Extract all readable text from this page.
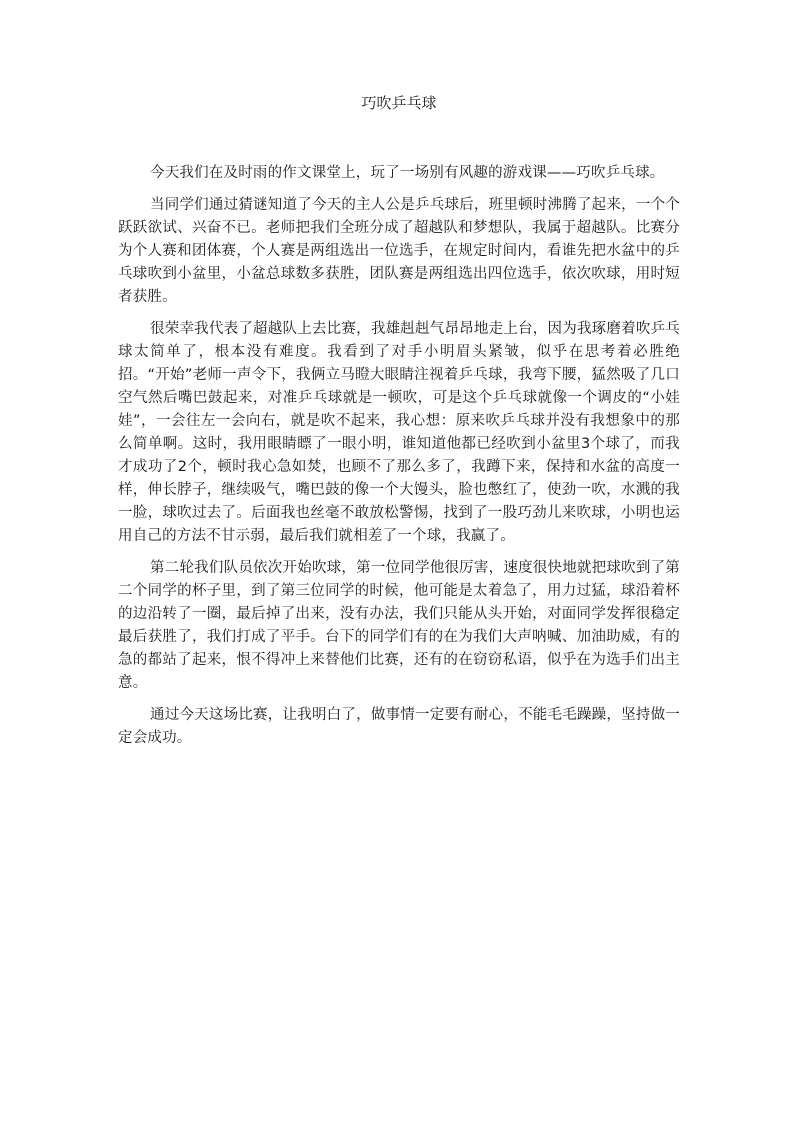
巧吹乒乓球

今天我们在及时雨的作文课堂上，玩了一场别有风趣的游戏课——巧吹乒乓球。

当同学们通过猜谜知道了今天的主人公是乒乓球后，班里顿时沸腾了起来，一个个跃跃欲试、兴奋不已。老师把我们全班分成了超越队和梦想队，我属于超越队。比赛分为个人赛和团体赛，个人赛是两组选出一位选手，在规定时间内，看谁先把水盆中的乒乓球吹到小盆里，小盆总球数多获胜，团队赛是两组选出四位选手，依次吹球，用时短者获胜。

很荣幸我代表了超越队上去比赛，我雄赳赳气昂昂地走上台，因为我琢磨着吹乒乓球太简单了，根本没有难度。我看到了对手小明眉头紧皱，似乎在思考着必胜绝招。“开始”老师一声令下，我俩立马瞪大眼睛注视着乒乓球，我弯下腰，猛然吸了几口空气然后嘴巴鼓起来，对准乒乓球就是一顿吹，可是这个乒乓球就像一个调皮的“小娃娃”，一会往左一会向右，就是吹不起来，我心想：原来吹乒乓球并没有我想象中的那么简单啊。这时，我用眼睛瞟了一眼小明，谁知道他都已经吹到小盆里3个球了，而我才成功了2个，顿时我心急如焚，也顾不了那么多了，我蹲下来，保持和水盆的高度一样，伸长脖子，继续吸气，嘴巴鼓的像一个大馒头，脸也憋红了，使劲一吹，水溅的我一脸，球吹过去了。后面我也丝毫不敢放松警惕，找到了一股巧劲儿来吹球，小明也运用自己的方法不甘示弱，最后我们就相差了一个球，我赢了。

第二轮我们队员依次开始吹球，第一位同学他很厉害，速度很快地就把球吹到了第二个同学的杯子里，到了第三位同学的时候，他可能是太着急了，用力过猛，球沿着杯的边沿转了一圈，最后掉了出来，没有办法，我们只能从头开始，对面同学发挥很稳定最后获胜了，我们打成了平手。台下的同学们有的在为我们大声呐喊、加油助威，有的急的都站了起来，恨不得冲上来替他们比赛，还有的在窃窃私语，似乎在为选手们出主意。

通过今天这场比赛，让我明白了，做事情一定要有耐心，不能毛毛躁躁，坚持做一定会成功。
